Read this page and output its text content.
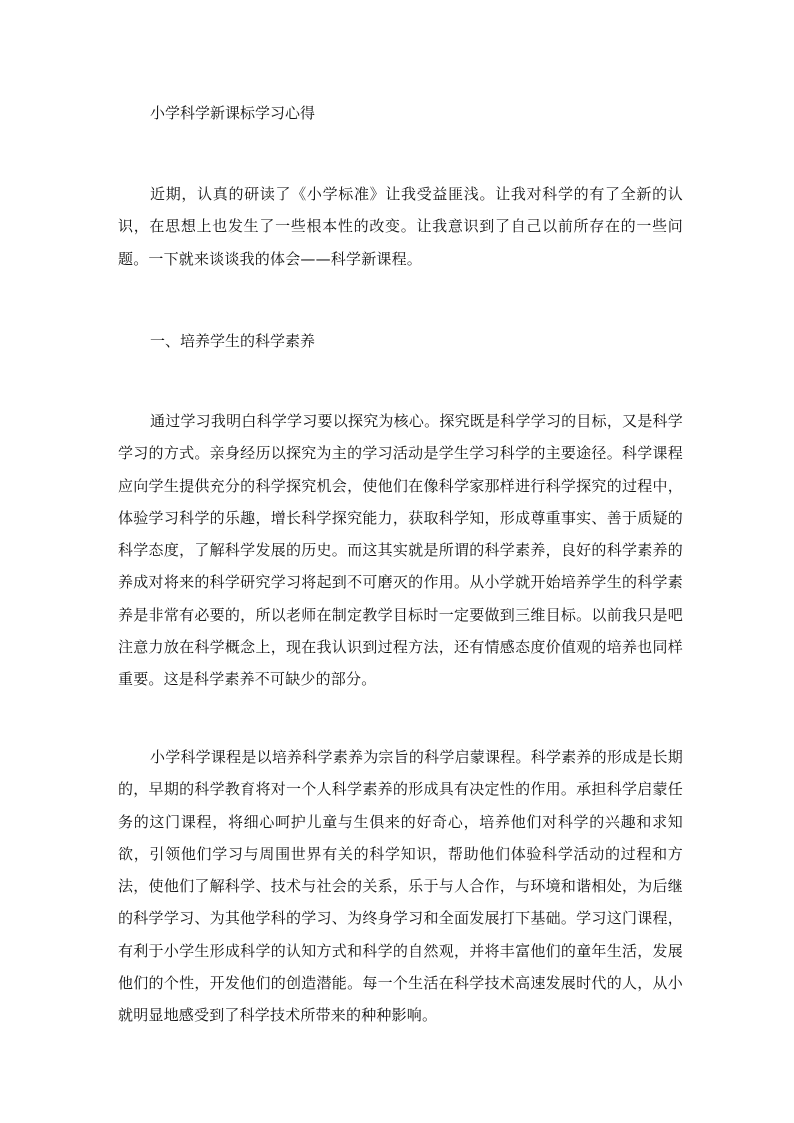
小学科学新课标学习心得

近期，认真的研读了《小学标准》让我受益匪浅。让我对科学的有了全新的认识，在思想上也发生了一些根本性的改变。让我意识到了自己以前所存在的一些问题。一下就来谈谈我的体会——科学新课程。

一、培养学生的科学素养

通过学习我明白科学学习要以探究为核心。探究既是科学学习的目标，又是科学学习的方式。亲身经历以探究为主的学习活动是学生学习科学的主要途径。科学课程应向学生提供充分的科学探究机会，使他们在像科学家那样进行科学探究的过程中，体验学习科学的乐趣，增长科学探究能力，获取科学知，形成尊重事实、善于质疑的科学态度，了解科学发展的历史。而这其实就是所谓的科学素养，良好的科学素养的养成对将来的科学研究学习将起到不可磨灭的作用。从小学就开始培养学生的科学素养是非常有必要的，所以老师在制定教学目标时一定要做到三维目标。以前我只是吧注意力放在科学概念上，现在我认识到过程方法，还有情感态度价值观的培养也同样重要。这是科学素养不可缺少的部分。

小学科学课程是以培养科学素养为宗旨的科学启蒙课程。科学素养的形成是长期的，早期的科学教育将对一个人科学素养的形成具有决定性的作用。承担科学启蒙任务的这门课程，将细心呵护儿童与生俱来的好奇心，培养他们对科学的兴趣和求知欲，引领他们学习与周围世界有关的科学知识，帮助他们体验科学活动的过程和方法，使他们了解科学、技术与社会的关系，乐于与人合作，与环境和谐相处，为后继的科学学习、为其他学科的学习、为终身学习和全面发展打下基础。学习这门课程，有利于小学生形成科学的认知方式和科学的自然观，并将丰富他们的童年生活，发展他们的个性，开发他们的创造潜能。每一个生活在科学技术高速发展时代的人，从小就明显地感受到了科学技术所带来的种种影响。
